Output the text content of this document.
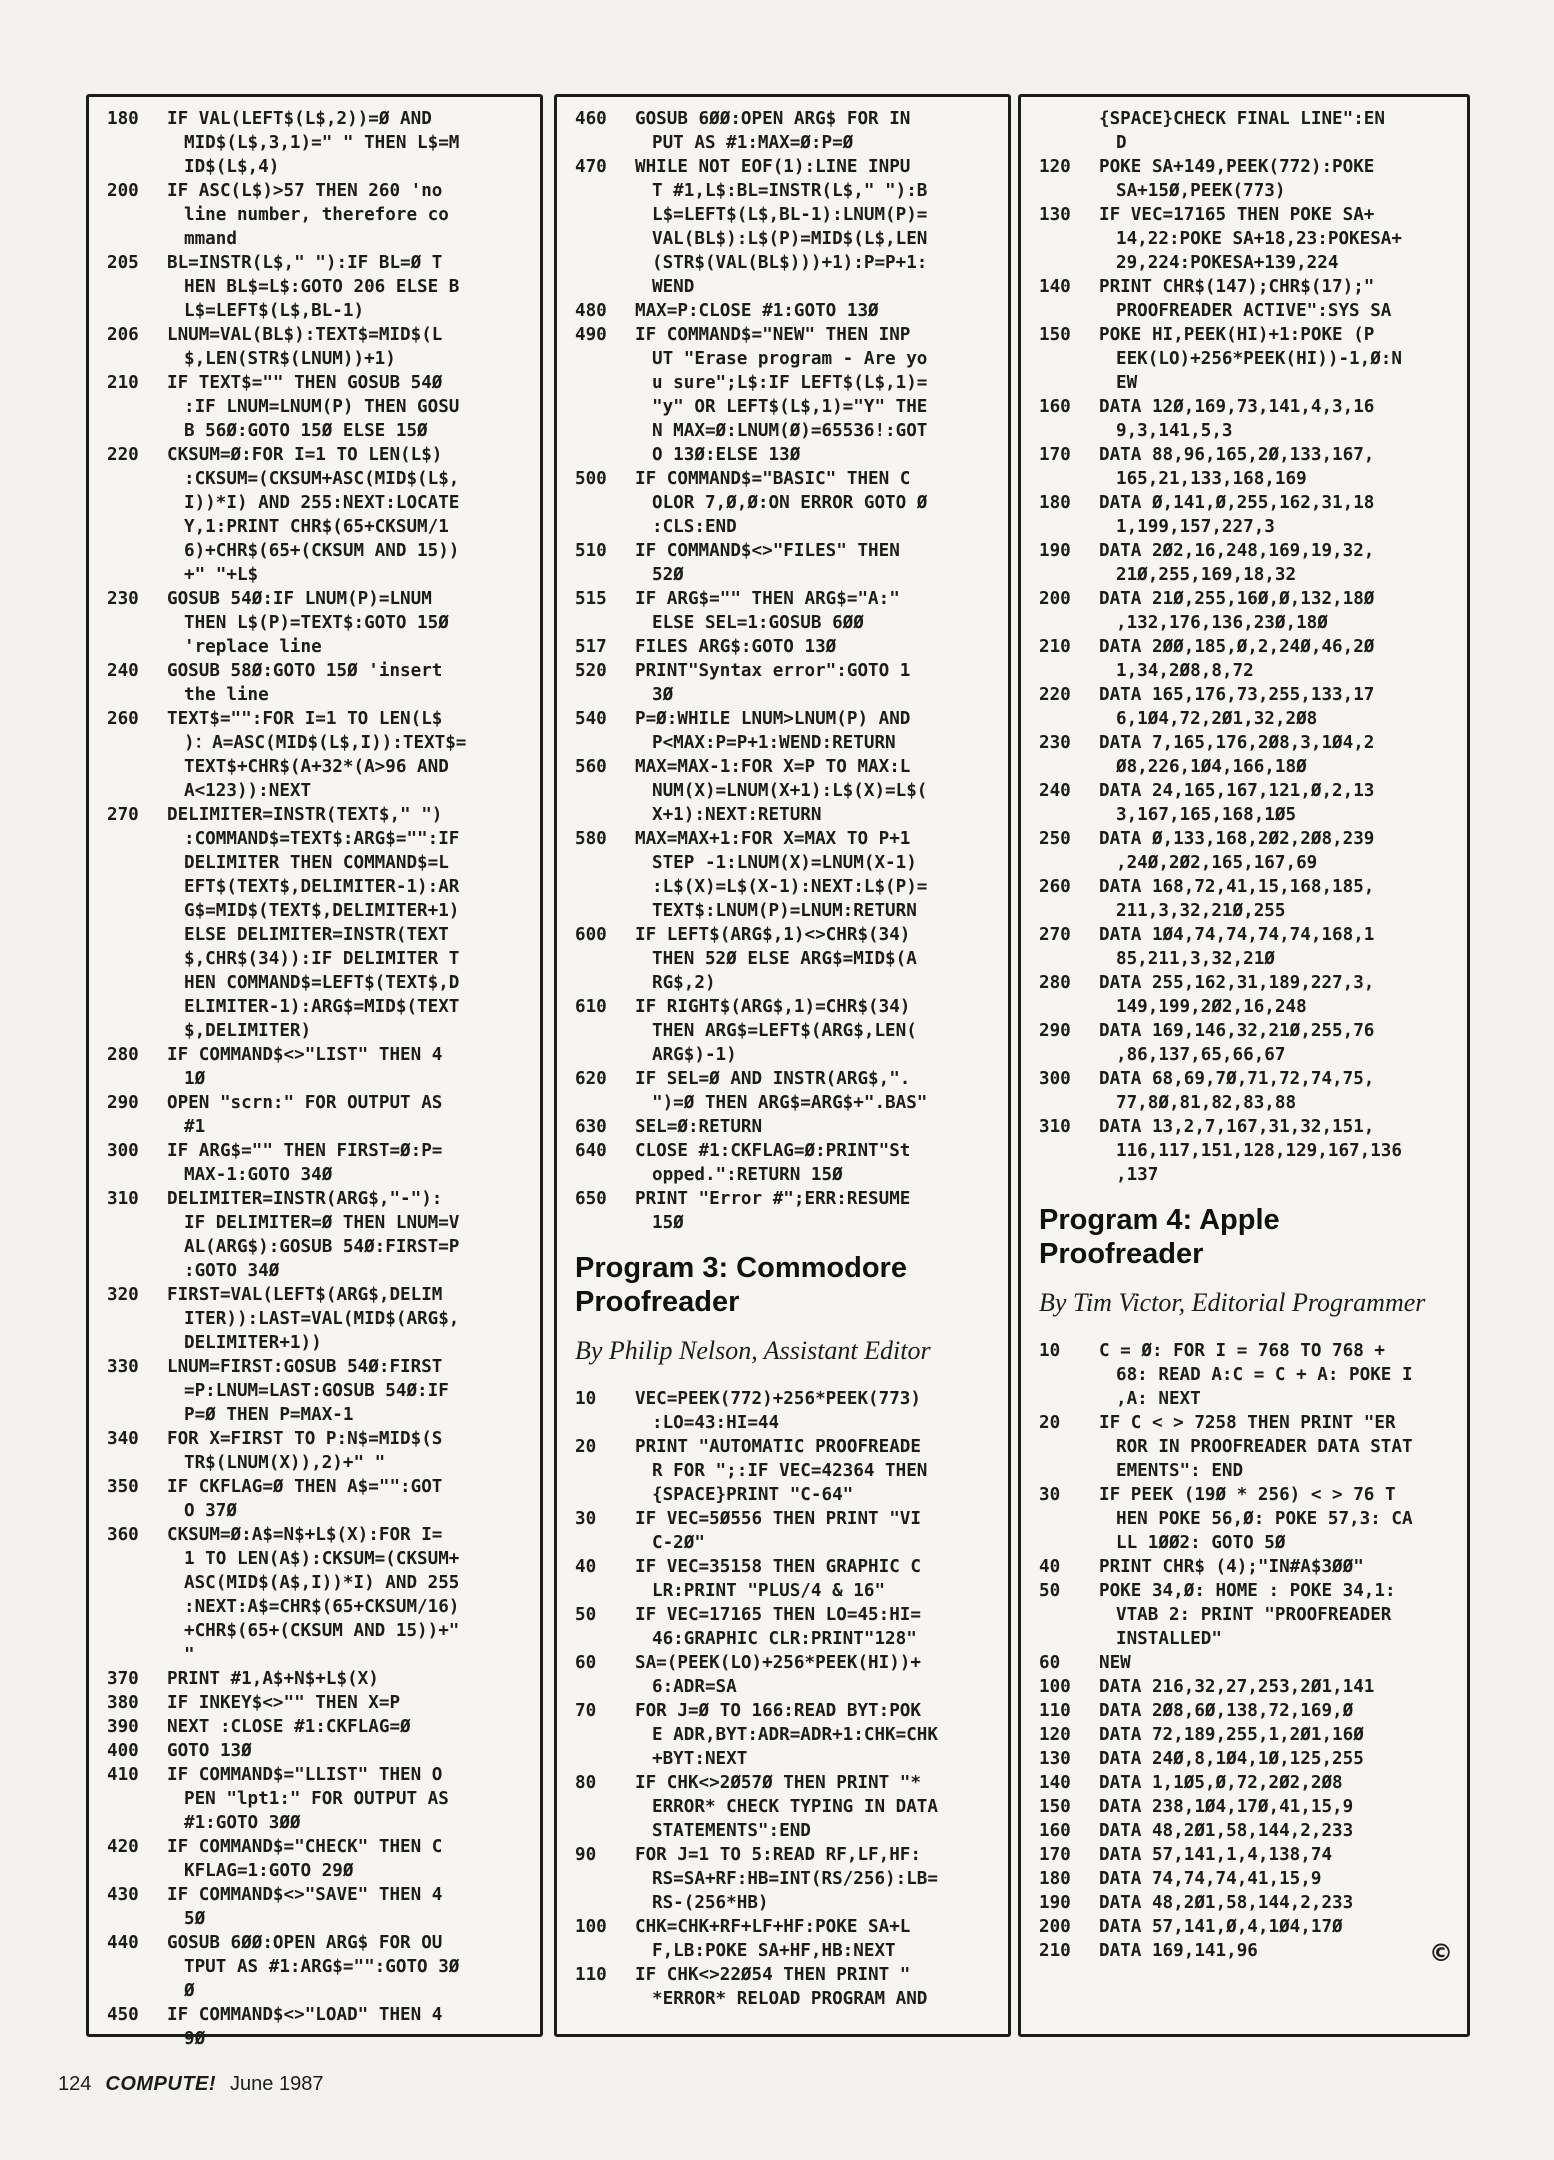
180	IF VAL(LEFT$(L$,2))=Ø AND
MID$(L$,3,1)=" " THEN L$=M
ID$(L$,4)
200	IF ASC(L$)>57 THEN 260 'no
line number, therefore co
mmand
205	BL=INSTR(L$," "):IF BL=Ø T
HEN BL$=L$:GOTO 206 ELSE B
L$=LEFT$(L$,BL-1)
206	LNUM=VAL(BL$):TEXT$=MID$(L
$,LEN(STR$(LNUM))+1)
210	IF TEXT$="" THEN GOSUB 54Ø
:IF LNUM=LNUM(P) THEN GOSU
B 56Ø:GOTO 15Ø ELSE 15Ø
220	CKSUM=Ø:FOR I=1 TO LEN(L$)
:CKSUM=(CKSUM+ASC(MID$(L$,
I))*I) AND 255:NEXT:LOCATE
Y,1:PRINT CHR$(65+CKSUM/1
6)+CHR$(65+(CKSUM AND 15))
+" "+L$
230	GOSUB 54Ø:IF LNUM(P)=LNUM
THEN L$(P)=TEXT$:GOTO 15Ø
'replace line
240	GOSUB 58Ø:GOTO 15Ø 'insert
the line
260	TEXT$="":FOR I=1 TO LEN(L$
)：A=ASC(MID$(L$,I)):TEXT$=
TEXT$+CHR$(A+32*(A>96 AND
A<123)):NEXT
270	DELIMITER=INSTR(TEXT$," ")
:COMMAND$=TEXT$:ARG$="":IF
DELIMITER THEN COMMAND$=L
EFT$(TEXT$,DELIMITER-1):AR
G$=MID$(TEXT$,DELIMITER+1)
ELSE DELIMITER=INSTR(TEXT
$,CHR$(34)):IF DELIMITER T
HEN COMMAND$=LEFT$(TEXT$,D
ELIMITER-1):ARG$=MID$(TEXT
$,DELIMITER)
280	IF COMMAND$<>"LIST" THEN 4
1Ø
290	OPEN "scrn:" FOR OUTPUT AS
#1
300	IF ARG$="" THEN FIRST=Ø:P=
MAX-1:GOTO 34Ø
310	DELIMITER=INSTR(ARG$,"-"):
IF DELIMITER=Ø THEN LNUM=V
AL(ARG$):GOSUB 54Ø:FIRST=P
:GOTO 34Ø
320	FIRST=VAL(LEFT$(ARG$,DELIM
ITER)):LAST=VAL(MID$(ARG$,
DELIMITER+1))
330	LNUM=FIRST:GOSUB 54Ø:FIRST
=P:LNUM=LAST:GOSUB 54Ø:IF
P=Ø THEN P=MAX-1
340	FOR X=FIRST TO P:N$=MID$(S
TR$(LNUM(X)),2)+" "
350	IF CKFLAG=Ø THEN A$="":GOT
O 37Ø
360	CKSUM=Ø:A$=N$+L$(X):FOR I=
1 TO LEN(A$):CKSUM=(CKSUM+
ASC(MID$(A$,I))*I) AND 255
:NEXT:A$=CHR$(65+CKSUM/16)
+CHR$(65+(CKSUM AND 15))+"
"
370	PRINT #1,A$+N$+L$(X)
380	IF INKEY$<>"" THEN X=P
390	NEXT :CLOSE #1:CKFLAG=Ø
400	GOTO 13Ø
410	IF COMMAND$="LLIST" THEN O
PEN "lpt1:" FOR OUTPUT AS
#1:GOTO 3ØØ
420	IF COMMAND$="CHECK" THEN C
KFLAG=1:GOTO 29Ø
430	IF COMMAND$<>"SAVE" THEN 4
5Ø
440	GOSUB 6ØØ:OPEN ARG$ FOR OU
TPUT AS #1:ARG$="":GOTO 3Ø
Ø
450	IF COMMAND$<>"LOAD" THEN 4
9Ø
460	GOSUB 6ØØ:OPEN ARG$ FOR IN
PUT AS #1:MAX=Ø:P=Ø
470	WHILE NOT EOF(1):LINE INPU
T #1,L$:BL=INSTR(L$," "):B
L$=LEFT$(L$,BL-1):LNUM(P)=
VAL(BL$):L$(P)=MID$(L$,LEN
(STR$(VAL(BL$)))+1):P=P+1:
WEND
480	MAX=P:CLOSE #1:GOTO 13Ø
490	IF COMMAND$="NEW" THEN INP
UT "Erase program - Are yo
u sure";L$:IF LEFT$(L$,1)=
"y" OR LEFT$(L$,1)="Y" THE
N MAX=Ø:LNUM(Ø)=65536!:GOT
O 13Ø:ELSE 13Ø
500	IF COMMAND$="BASIC" THEN C
OLOR 7,Ø,Ø:ON ERROR GOTO Ø
:CLS:END
510	IF COMMAND$<>"FILES" THEN
52Ø
515	IF ARG$="" THEN ARG$="A:"
ELSE SEL=1:GOSUB 6ØØ
517	FILES ARG$:GOTO 13Ø
520	PRINT"Syntax error":GOTO 1
3Ø
540	P=Ø:WHILE LNUM>LNUM(P) AND
P<MAX:P=P+1:WEND:RETURN
560	MAX=MAX-1:FOR X=P TO MAX:L
NUM(X)=LNUM(X+1):L$(X)=L$(
X+1):NEXT:RETURN
580	MAX=MAX+1:FOR X=MAX TO P+1
STEP -1:LNUM(X)=LNUM(X-1)
:L$(X)=L$(X-1):NEXT:L$(P)=
TEXT$:LNUM(P)=LNUM:RETURN
600	IF LEFT$(ARG$,1)<>CHR$(34)
THEN 52Ø ELSE ARG$=MID$(A
RG$,2)
610	IF RIGHT$(ARG$,1)=CHR$(34)
THEN ARG$=LEFT$(ARG$,LEN(
ARG$)-1)
620	IF SEL=Ø AND INSTR(ARG$,".
")=Ø THEN ARG$=ARG$+".BAS"
630	SEL=Ø:RETURN
640	CLOSE #1:CKFLAG=Ø:PRINT"St
opped.":RETURN 15Ø
650	PRINT "Error #";ERR:RESUME
15Ø
Program 3: Commodore
Proofreader
By Philip Nelson, Assistant Editor
10	VEC=PEEK(772)+256*PEEK(773)
:LO=43:HI=44
20	PRINT "AUTOMATIC PROOFREADE
R FOR ";:IF VEC=42364 THEN
{SPACE}PRINT "C-64"
30	IF VEC=5Ø556 THEN PRINT "VI
C-2Ø"
40	IF VEC=35158 THEN GRAPHIC C
LR:PRINT "PLUS/4 & 16"
50	IF VEC=17165 THEN LO=45:HI=
46:GRAPHIC CLR:PRINT"128"
60	SA=(PEEK(LO)+256*PEEK(HI))+
6:ADR=SA
70	FOR J=Ø TO 166:READ BYT:POK
E ADR,BYT:ADR=ADR+1:CHK=CHK
+BYT:NEXT
80	IF CHK<>2Ø57Ø THEN PRINT "*
ERROR* CHECK TYPING IN DATA
STATEMENTS":END
90	FOR J=1 TO 5:READ RF,LF,HF:
RS=SA+RF:HB=INT(RS/256):LB=
RS-(256*HB)
100	CHK=CHK+RF+LF+HF:POKE SA+L
F,LB:POKE SA+HF,HB:NEXT
110	IF CHK<>22Ø54 THEN PRINT "
*ERROR* RELOAD PROGRAM AND
{SPACE}CHECK FINAL LINE":EN
D
120	POKE SA+149,PEEK(772):POKE
SA+15Ø,PEEK(773)
130	IF VEC=17165 THEN POKE SA+
14,22:POKE SA+18,23:POKESA+
29,224:POKESA+139,224
140	PRINT CHR$(147);CHR$(17);"
PROOFREADER ACTIVE":SYS SA
150	POKE HI,PEEK(HI)+1:POKE (P
EEK(LO)+256*PEEK(HI))-1,Ø:N
EW
160	DATA 12Ø,169,73,141,4,3,16
9,3,141,5,3
170	DATA 88,96,165,2Ø,133,167,
165,21,133,168,169
180	DATA Ø,141,Ø,255,162,31,18
1,199,157,227,3
190	DATA 2Ø2,16,248,169,19,32,
21Ø,255,169,18,32
200	DATA 21Ø,255,16Ø,Ø,132,18Ø
,132,176,136,23Ø,18Ø
210	DATA 2ØØ,185,Ø,2,24Ø,46,2Ø
1,34,2Ø8,8,72
220	DATA 165,176,73,255,133,17
6,1Ø4,72,2Ø1,32,2Ø8
230	DATA 7,165,176,2Ø8,3,1Ø4,2
Ø8,226,1Ø4,166,18Ø
240	DATA 24,165,167,121,Ø,2,13
3,167,165,168,1Ø5
250	DATA Ø,133,168,2Ø2,2Ø8,239
,24Ø,2Ø2,165,167,69
260	DATA 168,72,41,15,168,185,
211,3,32,21Ø,255
270	DATA 1Ø4,74,74,74,74,168,1
85,211,3,32,21Ø
280	DATA 255,162,31,189,227,3,
149,199,2Ø2,16,248
290	DATA 169,146,32,21Ø,255,76
,86,137,65,66,67
300	DATA 68,69,7Ø,71,72,74,75,
77,8Ø,81,82,83,88
310	DATA 13,2,7,167,31,32,151,
116,117,151,128,129,167,136
,137
Program 4: Apple
Proofreader
By Tim Victor, Editorial Programmer
10	C = Ø: FOR I = 768 TO 768 +
68: READ A:C = C + A: POKE I
,A: NEXT
20	IF C < > 7258 THEN PRINT "ER
ROR IN PROOFREADER DATA STAT
EMENTS": END
30	IF PEEK (19Ø * 256) < > 76 T
HEN POKE 56,Ø: POKE 57,3: CA
LL 1ØØ2: GOTO 5Ø
40	PRINT CHR$ (4);"IN#A$3ØØ"
50	POKE 34,Ø: HOME : POKE 34,1:
VTAB 2: PRINT "PROOFREADER
INSTALLED"
60	NEW
100	DATA 216,32,27,253,2Ø1,141
110	DATA 2Ø8,6Ø,138,72,169,Ø
120	DATA 72,189,255,1,2Ø1,16Ø
130	DATA 24Ø,8,1Ø4,1Ø,125,255
140	DATA 1,1Ø5,Ø,72,2Ø2,2Ø8
150	DATA 238,1Ø4,17Ø,41,15,9
160	DATA 48,2Ø1,58,144,2,233
170	DATA 57,141,1,4,138,74
180	DATA 74,74,74,41,15,9
190	DATA 48,2Ø1,58,144,2,233
200	DATA 57,141,Ø,4,1Ø4,17Ø
210	DATA 169,141,96	©
124 COMPUTE! June 1987
